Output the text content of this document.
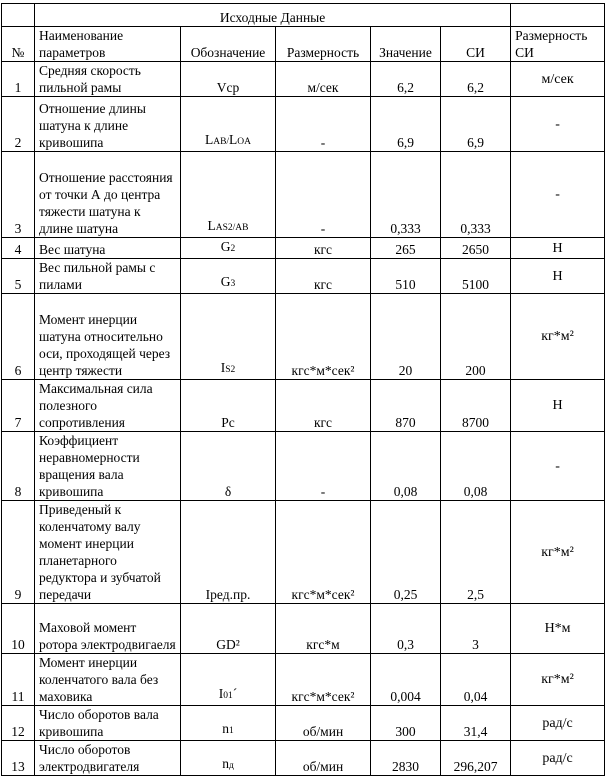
	Исходные Данные					
№	Наименование параметров	Обозначение	Размерность	Значение	СИ	Размерность СИ
1	Средняя скорость пильной рамы	Vср	м/сек	6,2	6,2	м/сек
2	Отношение длины шатуна к длине кривошипа	LAB/LOA	-	6,9	6,9	-
3	Отношение расстояния от точки А до центра тяжести шатуна к длине шатуна	LAS2/AB	-	0,333	0,333	-
4	Вес шатуна	G2	кгс	265	2650	Н
5	Вес пильной рамы с пилами	G3	кгс	510	5100	Н
6	Момент инерции шатуна относительно оси, проходящей через центр тяжести	IS2	кгс*м*сек²	20	200	кг*м²
7	Максимальная сила полезного сопротивления	Pc	кгс	870	8700	Н
8	Коэффициент неравномерности вращения вала кривошипа	δ	-	0,08	0,08	-
9	Приведеный к коленчатому валу момент инерции планетарного редуктора и зубчатой передачи	Iред.пр.	кгс*м*сек²	0,25	2,5	кг*м²
10	Маховой момент ротора электродвигаеля	GD²	кгс*м	0,3	3	Н*м
11	Момент инерции коленчатого вала без маховика	I01ˊ	кгс*м*сек²	0,004	0,04	кг*м²
12	Число оборотов вала кривошипа	n1	об/мин	300	31,4	рад/с
13	Число оборотов электродвигателя	nд	об/мин	2830	296,207	рад/с
